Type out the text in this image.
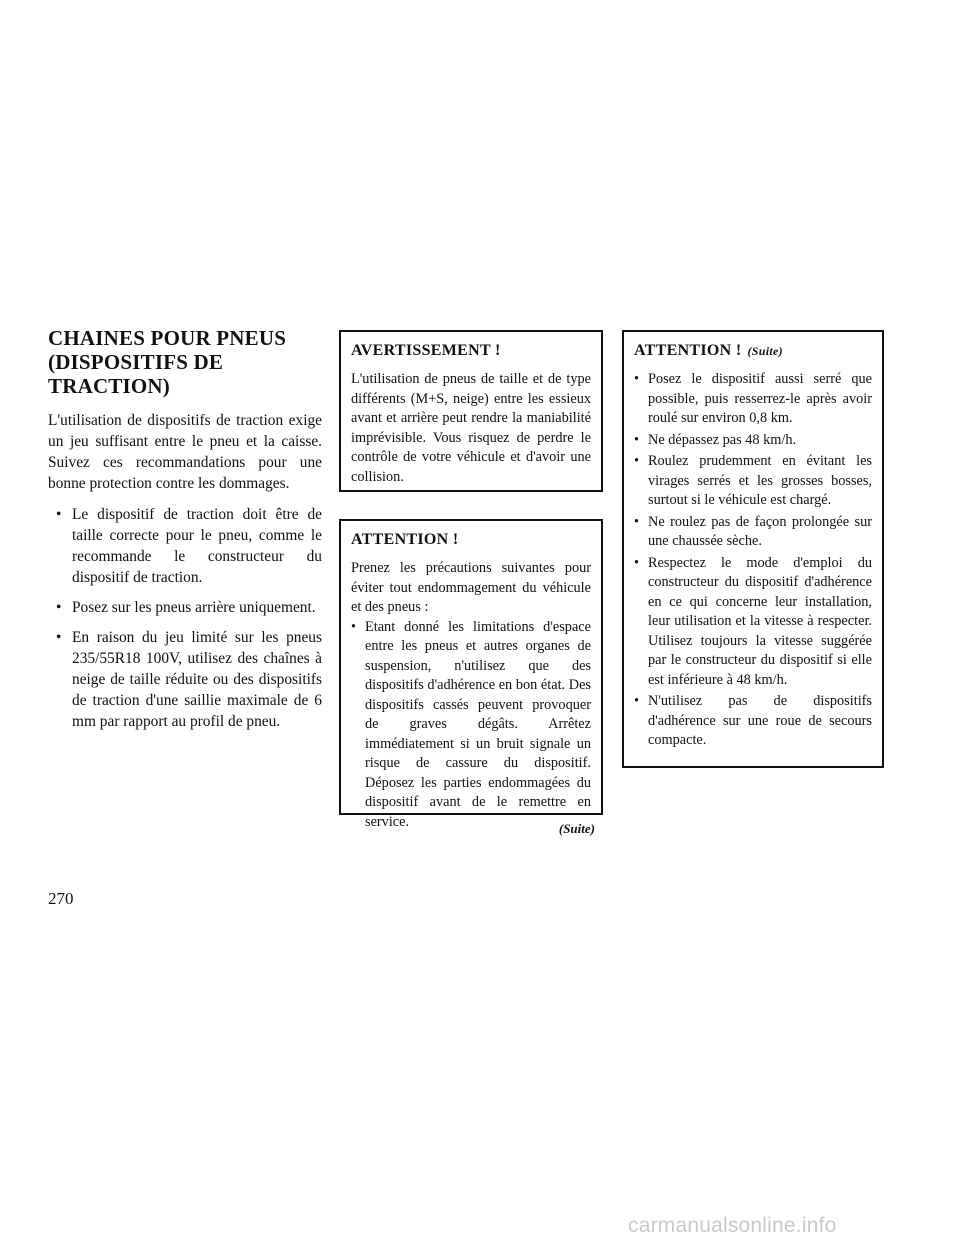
CHAINES POUR PNEUS
(DISPOSITIFS DE
TRACTION)

L'utilisation de dispositifs de traction exige un jeu suffisant entre le pneu et la caisse. Suivez ces recommandations pour une bonne protection contre les dommages.

• Le dispositif de traction doit être de taille correcte pour le pneu, comme le recommande le constructeur du dispositif de traction.
• Posez sur les pneus arrière uniquement.
• En raison du jeu limité sur les pneus 235/55R18 100V, utilisez des chaînes à neige de taille réduite ou des dispositifs de traction d'une saillie maximale de 6 mm par rapport au profil de pneu.
AVERTISSEMENT !

L'utilisation de pneus de taille et de type différents (M+S, neige) entre les essieux avant et arrière peut rendre la maniabilité imprévisible. Vous risquez de perdre le contrôle de votre véhicule et d'avoir une collision.

ATTENTION !

Prenez les précautions suivantes pour éviter tout endommagement du véhicule et des pneus :

• Etant donné les limitations d'espace entre les pneus et autres organes de suspension, n'utilisez que des dispositifs d'adhérence en bon état. Des dispositifs cassés peuvent provoquer de graves dégâts. Arrêtez immédiatement si un bruit signale un risque de cassure du dispositif. Déposez les parties endommagées du dispositif avant de le remettre en service.	(Suite)
ATTENTION ! (Suite)
• Posez le dispositif aussi serré que possible, puis resserrez-le après avoir roulé sur environ 0,8 km.
• Ne dépassez pas 48 km/h.
• Roulez prudemment en évitant les virages serrés et les grosses bosses, surtout si le véhicule est chargé.
• Ne roulez pas de façon prolongée sur une chaussée sèche.
• Respectez le mode d'emploi du constructeur du dispositif d'adhérence en ce qui concerne leur installation, leur utilisation et la vitesse à respecter. Utilisez toujours la vitesse suggérée par le constructeur du dispositif si elle est inférieure à 48 km/h.
• N'utilisez pas de dispositifs d'adhérence sur une roue de secours compacte.
270
carmanualsonline.info
